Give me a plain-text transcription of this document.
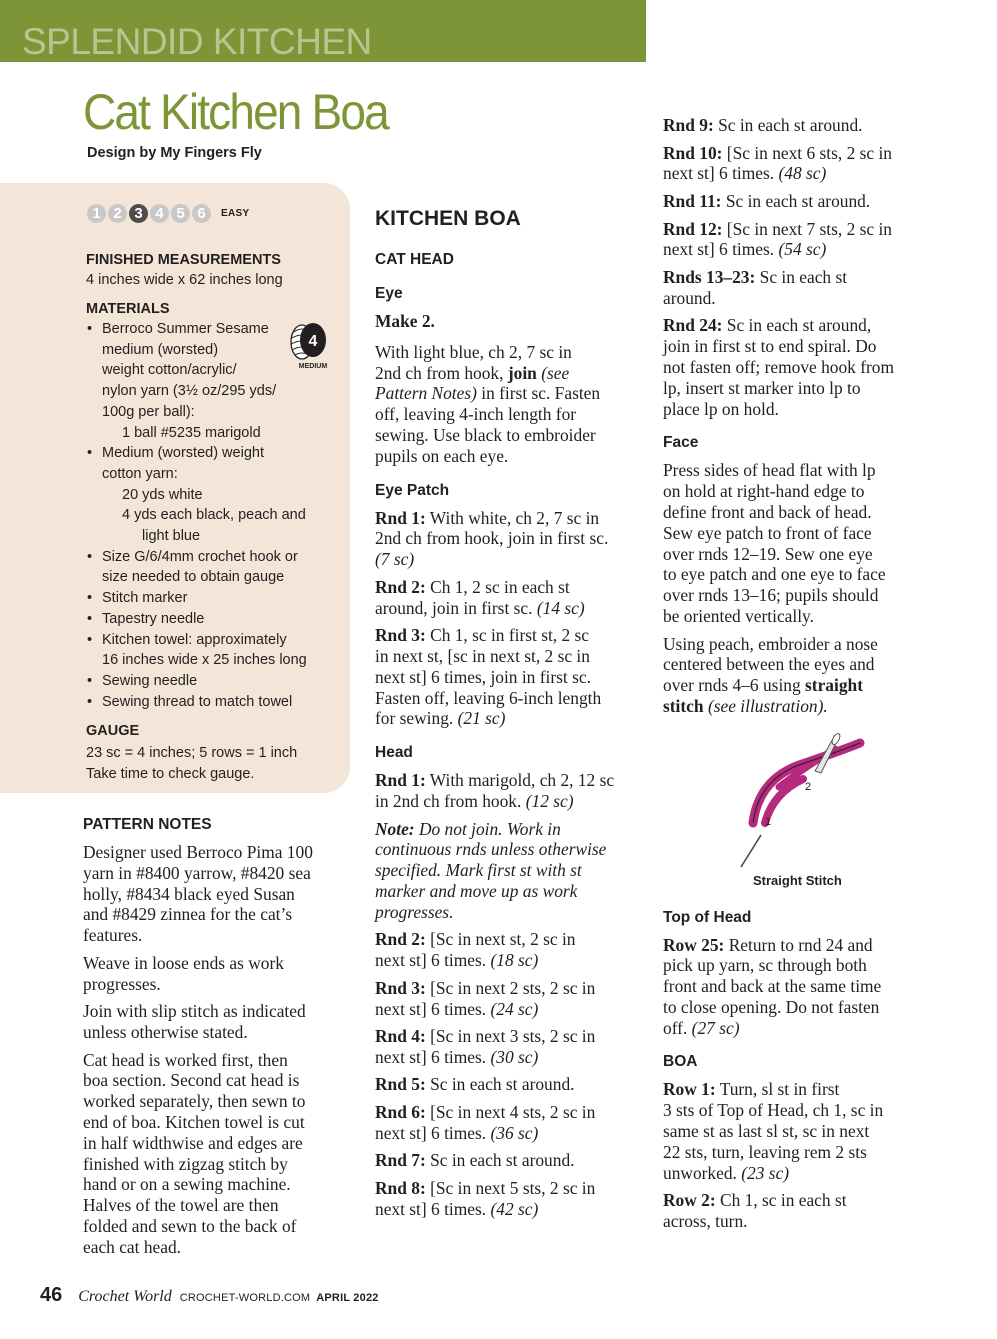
SPLENDID KITCHEN
Cat Kitchen Boa
Design by My Fingers Fly
1 2 3 4 5 6	EASY
FINISHED MEASUREMENTS
4 inches wide x 62 inches long
MATERIALS
4
MEDIUM
• Berroco Summer Sesame
medium (worsted)
weight cotton/acrylic/
nylon yarn (3½ oz/295 yds/
100g per ball):
1 ball #5235 marigold
• Medium (worsted) weight
cotton yarn:
20 yds white
4 yds each black, peach and
light blue
• Size G/6/4mm crochet hook or
size needed to obtain gauge
• Stitch marker
• Tapestry needle
• Kitchen towel: approximately
16 inches wide x 25 inches long
• Sewing needle
• Sewing thread to match towel
GAUGE
23 sc = 4 inches; 5 rows = 1 inch
Take time to check gauge.
PATTERN NOTES

Designer used Berroco Pima 100
yarn in #8400 yarrow, #8420 sea
holly, #8434 black eyed Susan
and #8429 zinnea for the cat’s
features.

Weave in loose ends as work
progresses.

Join with slip stitch as indicated
unless otherwise stated.

Cat head is worked first, then
boa section. Second cat head is
worked separately, then sewn to
end of boa. Kitchen towel is cut
in half widthwise and edges are
finished with zigzag stitch by
hand or on a sewing machine.
Halves of the towel are then
folded and sewn to the back of
each cat head.

KITCHEN BOA
CAT HEAD
Eye

Make 2.

With light blue, ch 2, 7 sc in
2nd ch from hook, join (see
Pattern Notes) in first sc. Fasten
off, leaving 4-inch length for
sewing. Use black to embroider
pupils on each eye.

Eye Patch

Rnd 1: With white, ch 2, 7 sc in
2nd ch from hook, join in first sc.
(7 sc)

Rnd 2: Ch 1, 2 sc in each st
around, join in first sc. (14 sc)

Rnd 3: Ch 1, sc in first st, 2 sc
in next st, [sc in next st, 2 sc in
next st] 6 times, join in first sc.
Fasten off, leaving 6-inch length
for sewing. (21 sc)

Head

Rnd 1: With marigold, ch 2, 12 sc
in 2nd ch from hook. (12 sc)

Note: Do not join. Work in
continuous rnds unless otherwise
specified. Mark first st with st
marker and move up as work
progresses.

Rnd 2: [Sc in next st, 2 sc in
next st] 6 times. (18 sc)

Rnd 3: [Sc in next 2 sts, 2 sc in
next st] 6 times. (24 sc)

Rnd 4: [Sc in next 3 sts, 2 sc in
next st] 6 times. (30 sc)

Rnd 5: Sc in each st around.

Rnd 6: [Sc in next 4 sts, 2 sc in
next st] 6 times. (36 sc)

Rnd 7: Sc in each st around.

Rnd 8: [Sc in next 5 sts, 2 sc in
next st] 6 times. (42 sc)

Rnd 9: Sc in each st around.

Rnd 10: [Sc in next 6 sts, 2 sc in
next st] 6 times. (48 sc)

Rnd 11: Sc in each st around.

Rnd 12: [Sc in next 7 sts, 2 sc in
next st] 6 times. (54 sc)

Rnds 13–23: Sc in each st
around.

Rnd 24: Sc in each st around,
join in first st to end spiral. Do
not fasten off; remove hook from
lp, insert st marker into lp to
place lp on hold.

Face

Press sides of head flat with lp
on hold at right-hand edge to
define front and back of head.
Sew eye patch to front of face
over rnds 12–19. Sew one eye
to eye patch and one eye to face
over rnds 13–16; pupils should
be oriented vertically.

Using peach, embroider a nose
centered between the eyes and
over rnds 4–6 using straight
stitch (see illustration).

Top of Head

Row 25: Return to rnd 24 and
pick up yarn, sc through both
front and back at the same time
to close opening. Do not fasten
off. (27 sc)

BOA

Row 1: Turn, sl st in first
3 sts of Top of Head, ch 1, sc in
same st as last sl st, sc in next
22 sts, turn, leaving rem 2 sts
unworked. (23 sc)

Row 2: Ch 1, sc in each st
across, turn.

1
2
Straight Stitch
46 Crochet World CROCHET-WORLD.COM APRIL 2022
